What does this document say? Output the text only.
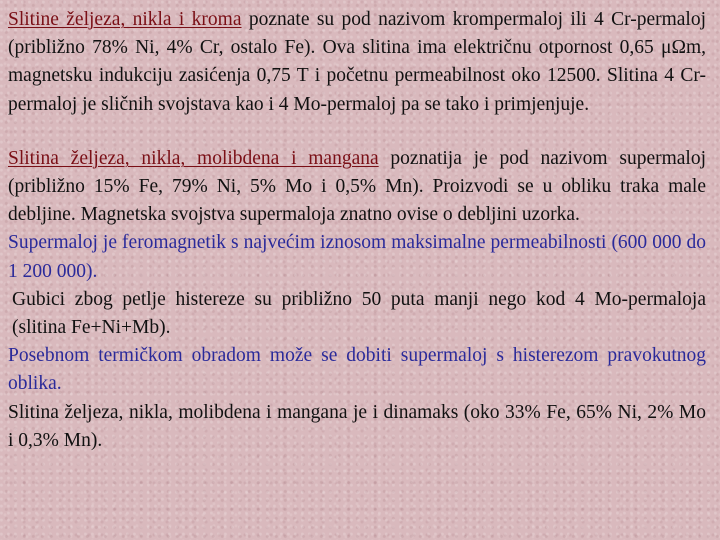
Slitine željeza, nikla i kroma poznate su pod nazivom krompermaloj ili 4 Cr-permaloj (približno 78% Ni, 4% Cr, ostalo Fe). Ova slitina ima električnu otpornost 0,65 μΩm, magnetsku indukciju zasićenja 0,75 T i početnu permeabilnost oko 12500. Slitina 4 Cr-permaloj je sličnih svojstava kao i 4 Mo-permaloj pa se tako i primjenjuje.

Slitina željeza, nikla, molibdena i mangana poznatija je pod nazivom supermaloj (približno 15% Fe, 79% Ni, 5% Mo i 0,5% Mn). Proizvodi se u obliku traka male debljine. Magnetska svojstva supermaloja znatno ovise o debljini uzorka.

Supermaloj je feromagnetik s najvećim iznosom maksimalne permeabilnosti (600 000 do 1 200 000).

Gubici zbog petlje histereze su približno 50 puta manji nego kod 4 Mo-permaloja (slitina Fe+Ni+Mb).

Posebnom termičkom obradom može se dobiti supermaloj s histerezom pravokutnog oblika.

Slitina željeza, nikla, molibdena i mangana je i dinamaks (oko 33% Fe, 65% Ni, 2% Mo i 0,3% Mn).
